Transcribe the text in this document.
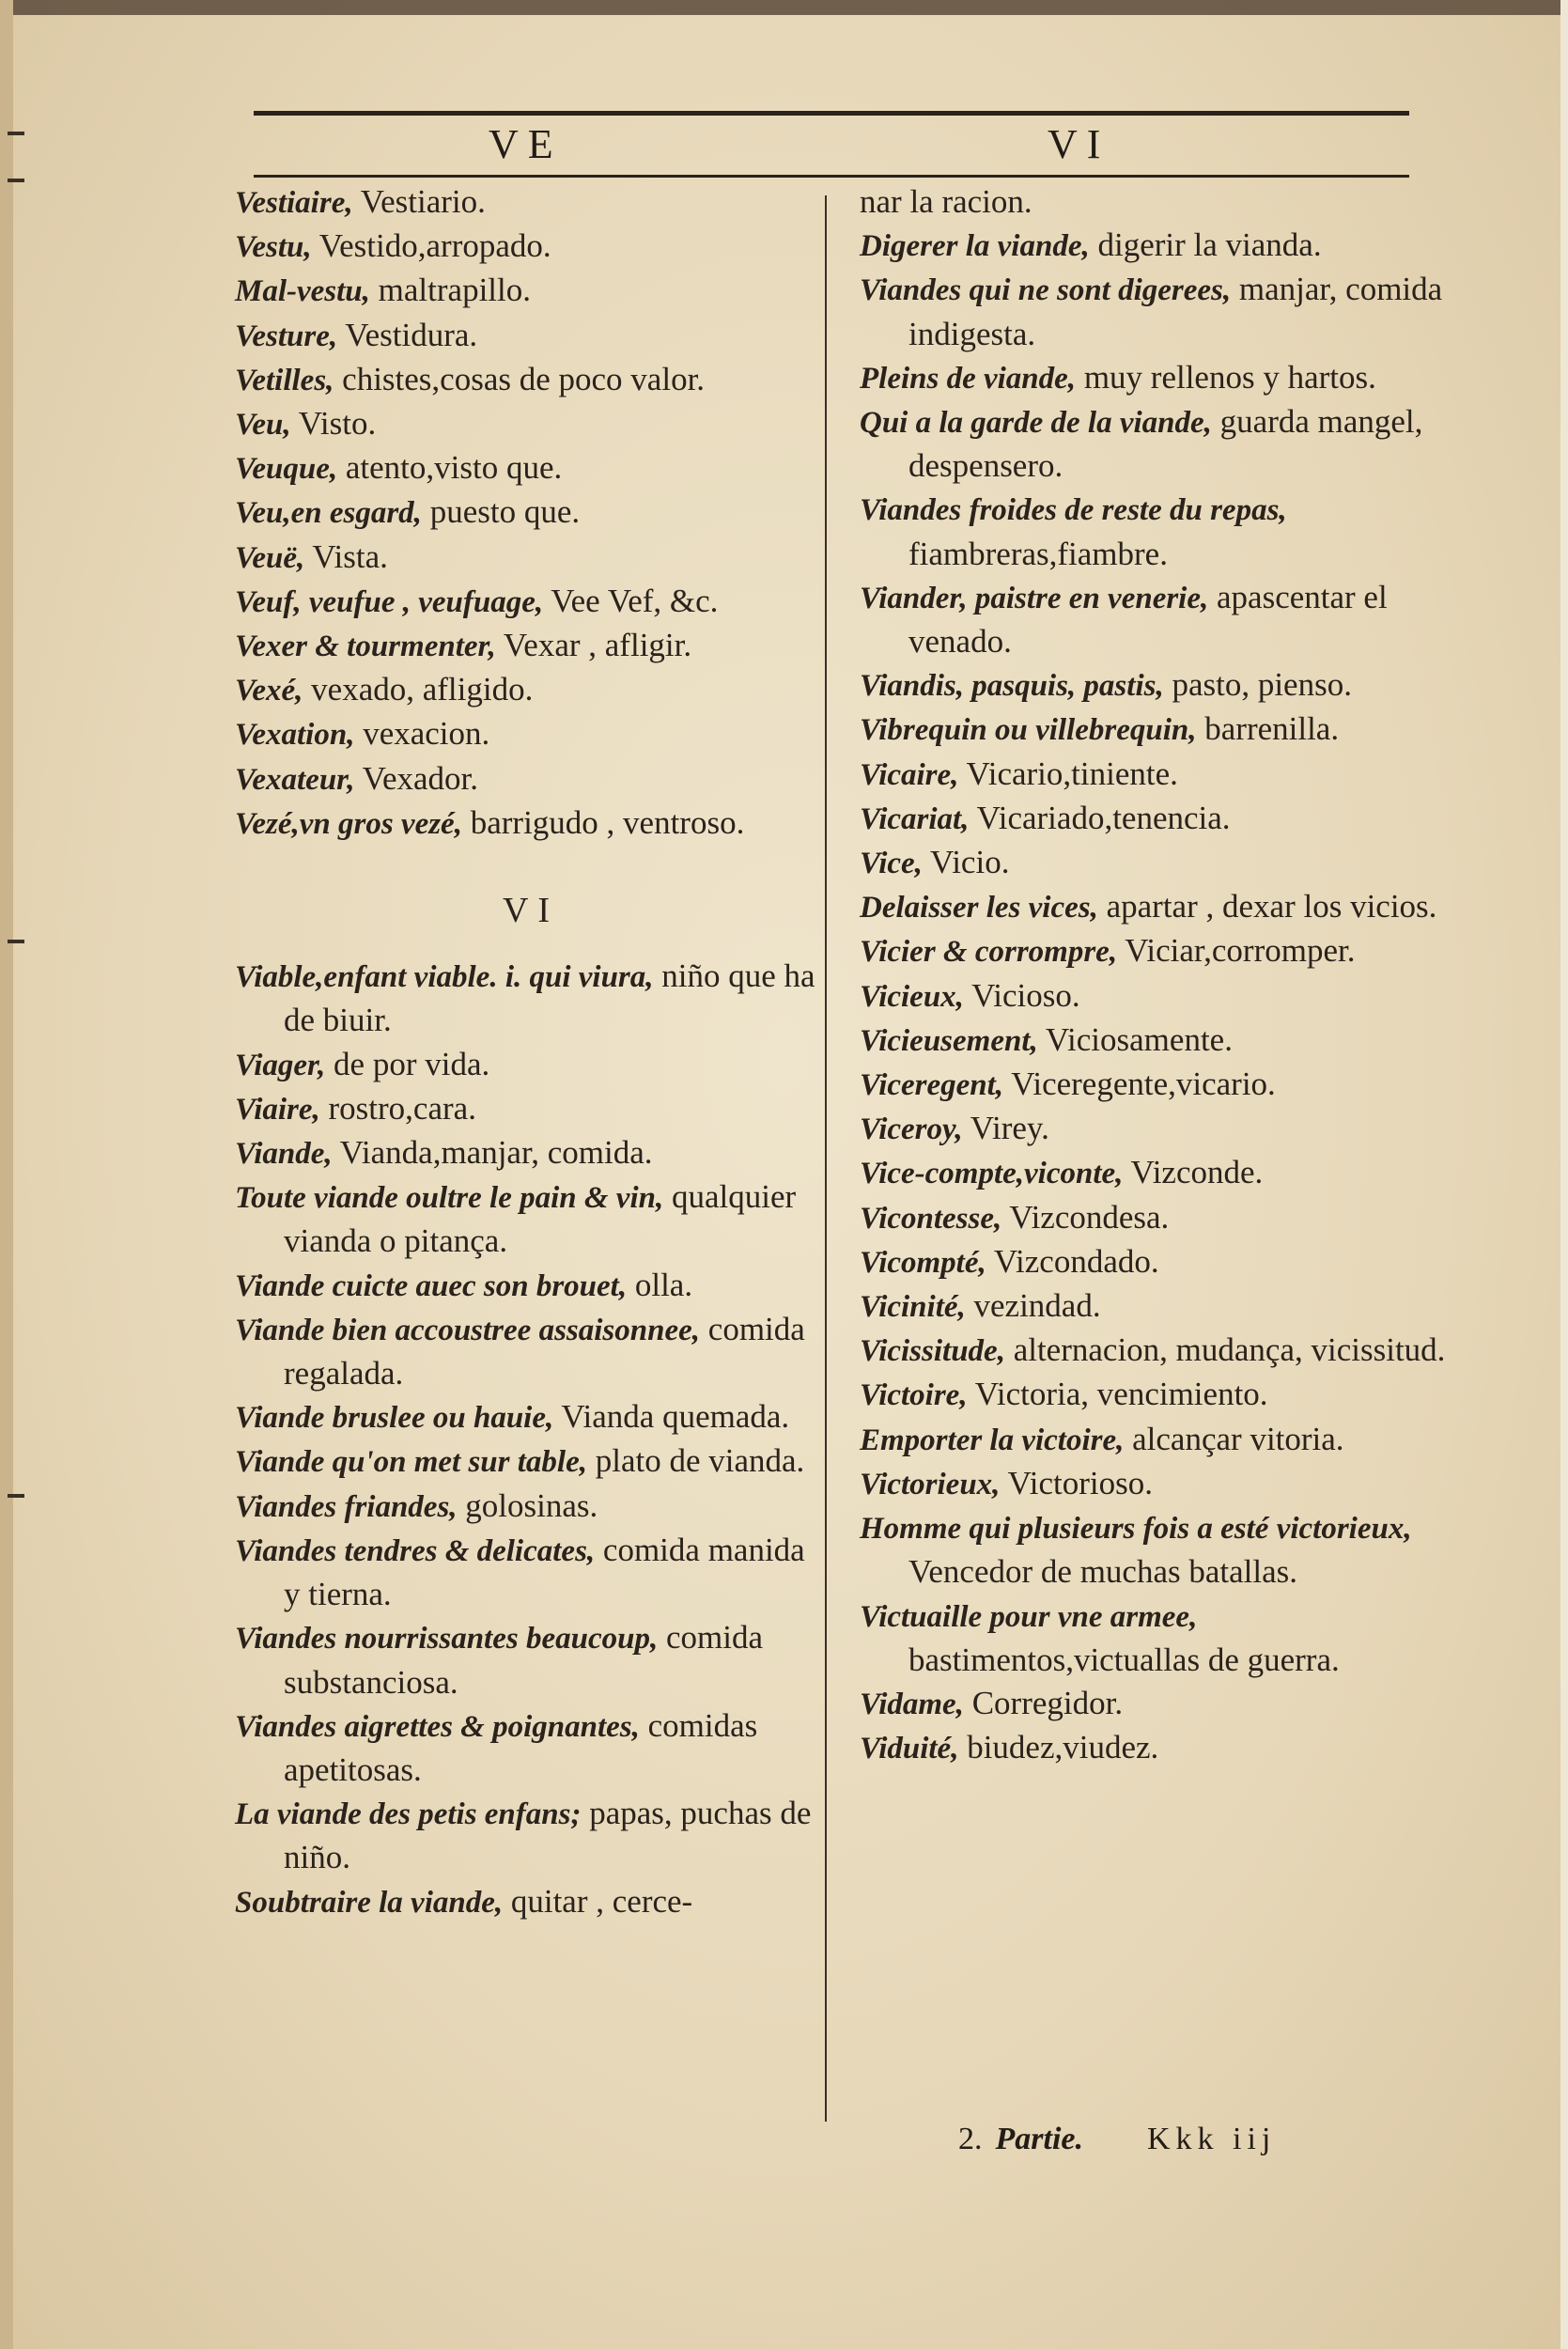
VE	VI

Vestiaire, Vestiario.

Vestu, Vestido,arropado.

Mal-vestu, maltrapillo.

Vesture, Vestidura.

Vetilles, chistes,cosas de poco valor.

Veu, Visto.

Veuque, atento,visto que.

Veu,en esgard, puesto que.

Veuë, Vista.

Veuf, veufue , veufuage, Vee Vef, &c.

Vexer & tourmenter, Vexar , afligir.

Vexé, vexado, afligido.

Vexation, vexacion.

Vexateur, Vexador.

Vezé,vn gros vezé, barrigudo , ventroso.

VI

Viable,enfant viable. i. qui viura, niño que ha de biuir.

Viager, de por vida.

Viaire, rostro,cara.

Viande, Vianda,manjar, comida.

Toute viande oultre le pain & vin, qualquier vianda o pitança.

Viande cuicte auec son brouet, olla.

Viande bien accoustree assaisonnee, comida regalada.

Viande bruslee ou hauie, Vianda quemada.

Viande qu'on met sur table, plato de vianda.

Viandes friandes, golosinas.

Viandes tendres & delicates, comida manida y tierna.

Viandes nourrissantes beaucoup, comida substanciosa.

Viandes aigrettes & poignantes, comidas apetitosas.

La viande des petis enfans; papas, puchas de niño.

Soubtraire la viande, quitar , cerce-

nar la racion.

Digerer la viande, digerir la vianda.

Viandes qui ne sont digerees, manjar, comida indigesta.

Pleins de viande, muy rellenos y hartos.

Qui a la garde de la viande, guarda mangel, despensero.

Viandes froides de reste du repas, fiambreras,fiambre.

Viander, paistre en venerie, apascentar el venado.

Viandis, pasquis, pastis, pasto, pienso.

Vibrequin ou villebrequin, barrenilla.

Vicaire, Vicario,tiniente.

Vicariat, Vicariado,tenencia.

Vice, Vicio.

Delaisser les vices, apartar , dexar los vicios.

Vicier & corrompre, Viciar,corromper.

Vicieux, Vicioso.

Vicieusement, Viciosamente.

Viceregent, Viceregente,vicario.

Viceroy, Virey.

Vice-compte,viconte, Vizconde.

Vicontesse, Vizcondesa.

Vicompté, Vizcondado.

Vicinité, vezindad.

Vicissitude, alternacion, mudança, vicissitud.

Victoire, Victoria, vencimiento.

Emporter la victoire, alcançar vitoria.

Victorieux, Victorioso.

Homme qui plusieurs fois a esté victorieux, Vencedor de muchas batallas.

Victuaille pour vne armee, bastimentos,victuallas de guerra.

Vidame, Corregidor.

Viduité, biudez,viudez.

2. Partie. Kkk iij
